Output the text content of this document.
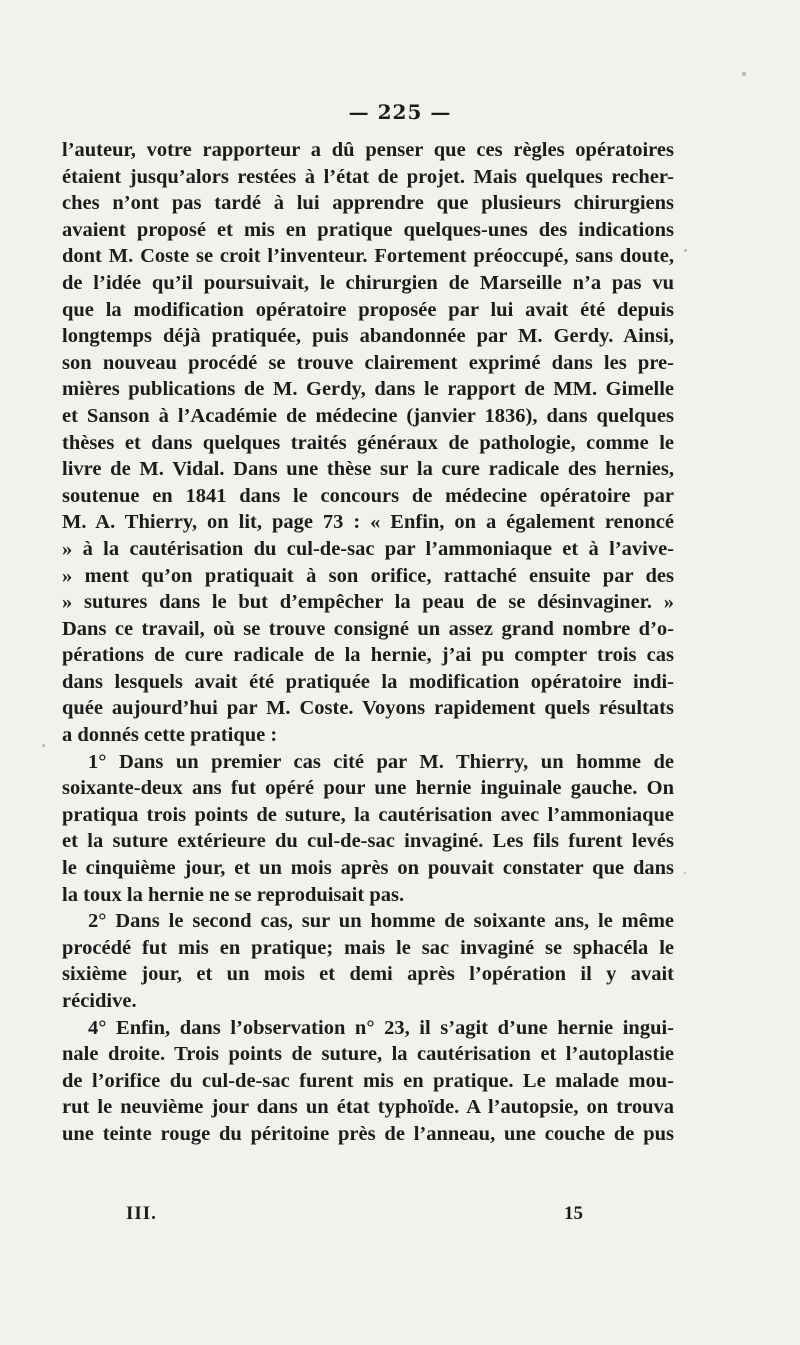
— 225 —
l’auteur, votre rapporteur a dû penser que ces règles opératoires
étaient jusqu’alors restées à l’état de projet. Mais quelques recher-
ches n’ont pas tardé à lui apprendre que plusieurs chirurgiens
avaient proposé et mis en pratique quelques-unes des indications
dont M. Coste se croit l’inventeur. Fortement préoccupé, sans doute,
de l’idée qu’il poursuivait, le chirurgien de Marseille n’a pas vu
que la modification opératoire proposée par lui avait été depuis
longtemps déjà pratiquée, puis abandonnée par M. Gerdy. Ainsi,
son nouveau procédé se trouve clairement exprimé dans les pre-
mières publications de M. Gerdy, dans le rapport de MM. Gimelle
et Sanson à l’Académie de médecine (janvier 1836), dans quelques
thèses et dans quelques traités généraux de pathologie, comme le
livre de M. Vidal. Dans une thèse sur la cure radicale des hernies,
soutenue en 1841 dans le concours de médecine opératoire par
M. A. Thierry, on lit, page 73 : « Enfin, on a également renoncé
» à la cautérisation du cul-de-sac par l’ammoniaque et à l’avive-
» ment qu’on pratiquait à son orifice, rattaché ensuite par des
» sutures dans le but d’empêcher la peau de se désinvaginer. »
Dans ce travail, où se trouve consigné un assez grand nombre d’o-
pérations de cure radicale de la hernie, j’ai pu compter trois cas
dans lesquels avait été pratiquée la modification opératoire indi-
quée aujourd’hui par M. Coste. Voyons rapidement quels résultats
a donnés cette pratique :
1° Dans un premier cas cité par M. Thierry, un homme de
soixante-deux ans fut opéré pour une hernie inguinale gauche. On
pratiqua trois points de suture, la cautérisation avec l’ammoniaque
et la suture extérieure du cul-de-sac invaginé. Les fils furent levés
le cinquième jour, et un mois après on pouvait constater que dans
la toux la hernie ne se reproduisait pas.
2° Dans le second cas, sur un homme de soixante ans, le même
procédé fut mis en pratique; mais le sac invaginé se sphacéla le
sixième jour, et un mois et demi après l’opération il y avait
récidive.
4° Enfin, dans l’observation n° 23, il s’agit d’une hernie ingui-
nale droite. Trois points de suture, la cautérisation et l’autoplastie
de l’orifice du cul-de-sac furent mis en pratique. Le malade mou-
rut le neuvième jour dans un état typhoïde. A l’autopsie, on trouva
une teinte rouge du péritoine près de l’anneau, une couche de pus
III.	15
